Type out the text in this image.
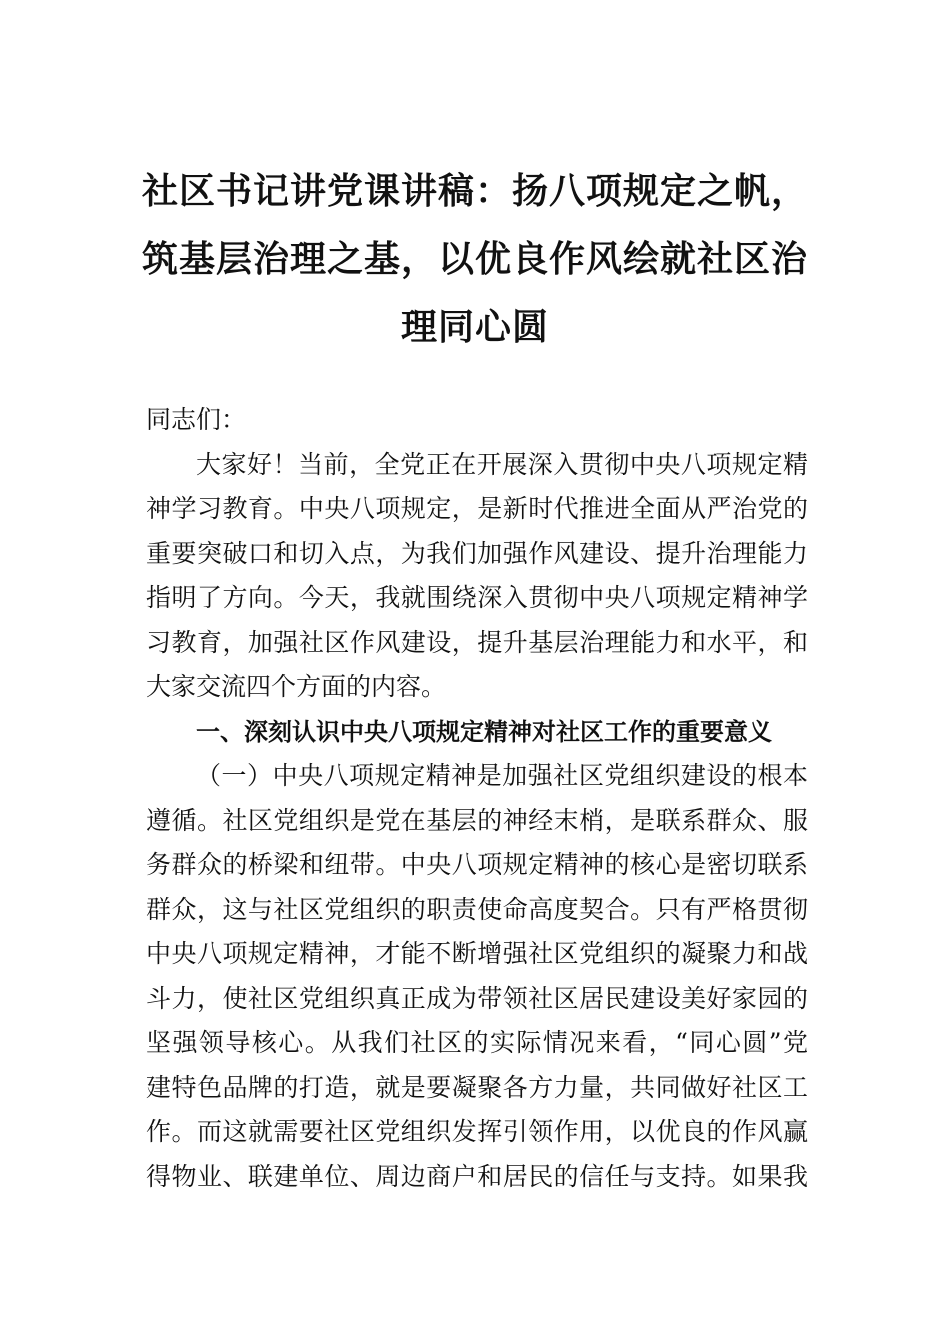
社区书记讲党课讲稿：扬八项规定之帆，
筑基层治理之基，以优良作风绘就社区治
理同心圆
同志们：
大家好！当前，全党正在开展深入贯彻中央八项规定精
神学习教育。中央八项规定，是新时代推进全面从严治党的
重要突破口和切入点，为我们加强作风建设、提升治理能力
指明了方向。今天，我就围绕深入贯彻中央八项规定精神学
习教育，加强社区作风建设，提升基层治理能力和水平，和
大家交流四个方面的内容。
一、深刻认识中央八项规定精神对社区工作的重要意义
（一）中央八项规定精神是加强社区党组织建设的根本
遵循。社区党组织是党在基层的神经末梢，是联系群众、服
务群众的桥梁和纽带。中央八项规定精神的核心是密切联系
群众，这与社区党组织的职责使命高度契合。只有严格贯彻
中央八项规定精神，才能不断增强社区党组织的凝聚力和战
斗力，使社区党组织真正成为带领社区居民建设美好家园的
坚强领导核心。从我们社区的实际情况来看，“同心圆”党
建特色品牌的打造，就是要凝聚各方力量，共同做好社区工
作。而这就需要社区党组织发挥引领作用，以优良的作风赢
得物业、联建单位、周边商户和居民的信任与支持。如果我
